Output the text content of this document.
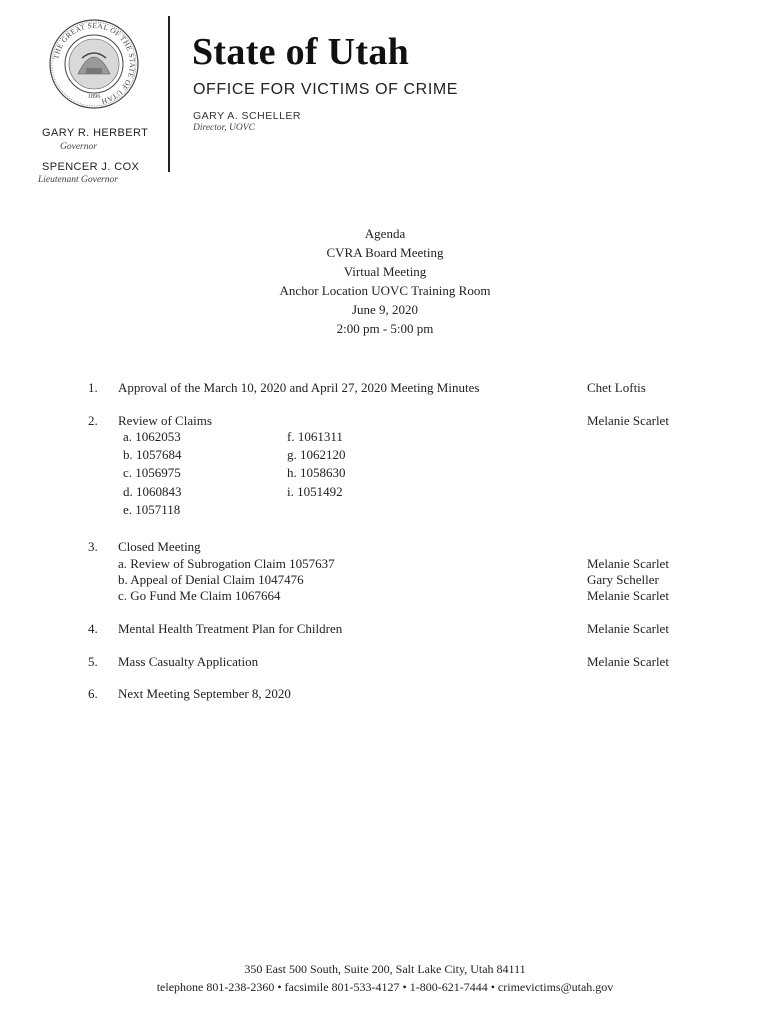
THE GREAT SEAL OF THE STATE OF UTAH
1896
State of Utah
OFFICE FOR VICTIMS OF CRIME
GARY A. SCHELLER
Director, UOVC
GARY R. HERBERT
Governor
SPENCER J. COX
Lieutenant Governor
Agenda
CVRA Board Meeting
Virtual Meeting
Anchor Location UOVC Training Room
June 9, 2020
2:00 pm - 5:00 pm
1. Approval of the March 10, 2020 and April 27, 2020 Meeting Minutes	Chet Loftis
2. Review of Claims	Melanie Scarlet
a. 1062053
b. 1057684
c. 1056975
d. 1060843
e. 1057118
f. 1061311
g. 1062120
h. 1058630
i. 1051492
3. Closed Meeting
a. Review of Subrogation Claim 1057637	Melanie Scarlet
b. Appeal of Denial Claim 1047476	Gary Scheller
c. Go Fund Me Claim 1067664	Melanie Scarlet
4. Mental Health Treatment Plan for Children	Melanie Scarlet
5. Mass Casualty Application	Melanie Scarlet
6. Next Meeting September 8, 2020
350 East 500 South, Suite 200, Salt Lake City, Utah 84111
telephone 801-238-2360 • facsimile 801-533-4127 • 1-800-621-7444 • crimevictims@utah.gov
